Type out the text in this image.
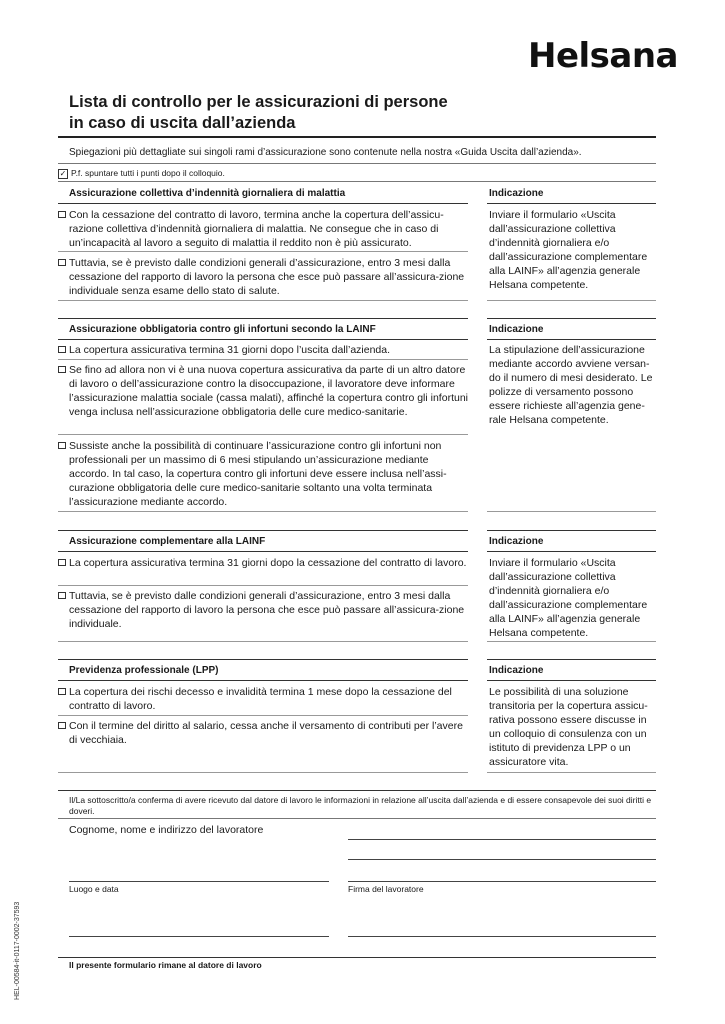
Helsana
Lista di controllo per le assicurazioni di persone
in caso di uscita dall’azienda
Spiegazioni più dettagliate sui singoli rami d’assicurazione sono contenute nella nostra «Guida Uscita dall’azienda».
✓ P.f. spuntare tutti i punti dopo il colloquio.
Assicurazione collettiva d’indennità giornaliera di malattia	Indicazione
Con la cessazione del contratto di lavoro, termina anche la copertura dell’assicu-razione collettiva d’indennità giornaliera di malattia. Ne consegue che in caso di un’incapacità al lavoro a seguito di malattia il reddito non è più assicurato.
Tuttavia, se è previsto dalle condizioni generali d’assicurazione, entro 3 mesi dalla cessazione del rapporto di lavoro la persona che esce può passare all’assicura-zione individuale senza esame dello stato di salute.
Inviare il formulario «Uscita dall’assicurazione collettiva d’indennità giornaliera e/o dall’assicurazione complementare alla LAINF» all’agenzia generale Helsana competente.
Assicurazione obbligatoria contro gli infortuni secondo la LAINF	Indicazione
La copertura assicurativa termina 31 giorni dopo l’uscita dall’azienda.
Se fino ad allora non vi è una nuova copertura assicurativa da parte di un altro datore di lavoro o dell’assicurazione contro la disoccupazione, il lavoratore deve informare l’assicurazione malattia sociale (cassa malati), affinché la copertura contro gli infortuni venga inclusa nell’assicurazione obbligatoria delle cure medico-sanitarie.
Sussiste anche la possibilità di continuare l’assicurazione contro gli infortuni non professionali per un massimo di 6 mesi stipulando un’assicurazione mediante accordo. In tal caso, la copertura contro gli infortuni deve essere inclusa nell’assi-curazione obbligatoria delle cure medico-sanitarie soltanto una volta terminata l’assicurazione mediante accordo.
La stipulazione dell’assicurazione mediante accordo avviene versan-do il numero di mesi desiderato. Le polizze di versamento possono essere richieste all’agenzia gene-rale Helsana competente.
Assicurazione complementare alla LAINF	Indicazione
La copertura assicurativa termina 31 giorni dopo la cessazione del contratto di lavoro.
Tuttavia, se è previsto dalle condizioni generali d’assicurazione, entro 3 mesi dalla cessazione del rapporto di lavoro la persona che esce può passare all’assicura-zione individuale.
Inviare il formulario «Uscita dall’assicurazione collettiva d’indennità giornaliera e/o dall’assicurazione complementare alla LAINF» all’agenzia generale Helsana competente.
Previdenza professionale (LPP)	Indicazione
La copertura dei rischi decesso e invalidità termina 1 mese dopo la cessazione del contratto di lavoro.
Con il termine del diritto al salario, cessa anche il versamento di contributi per l’avere di vecchiaia.
Le possibilità di una soluzione transitoria per la copertura assicu-rativa possono essere discusse in un colloquio di consulenza con un istituto di previdenza LPP o un assicuratore vita.
Il/La sottoscritto/a conferma di avere ricevuto dal datore di lavoro le informazioni in relazione all’uscita dall’azienda e di essere consapevole dei suoi diritti e doveri.
Cognome, nome e indirizzo del lavoratore
Luogo e data	Firma del lavoratore
Il presente formulario rimane al datore di lavoro
HEL-00584-it-0117-0002-37593
